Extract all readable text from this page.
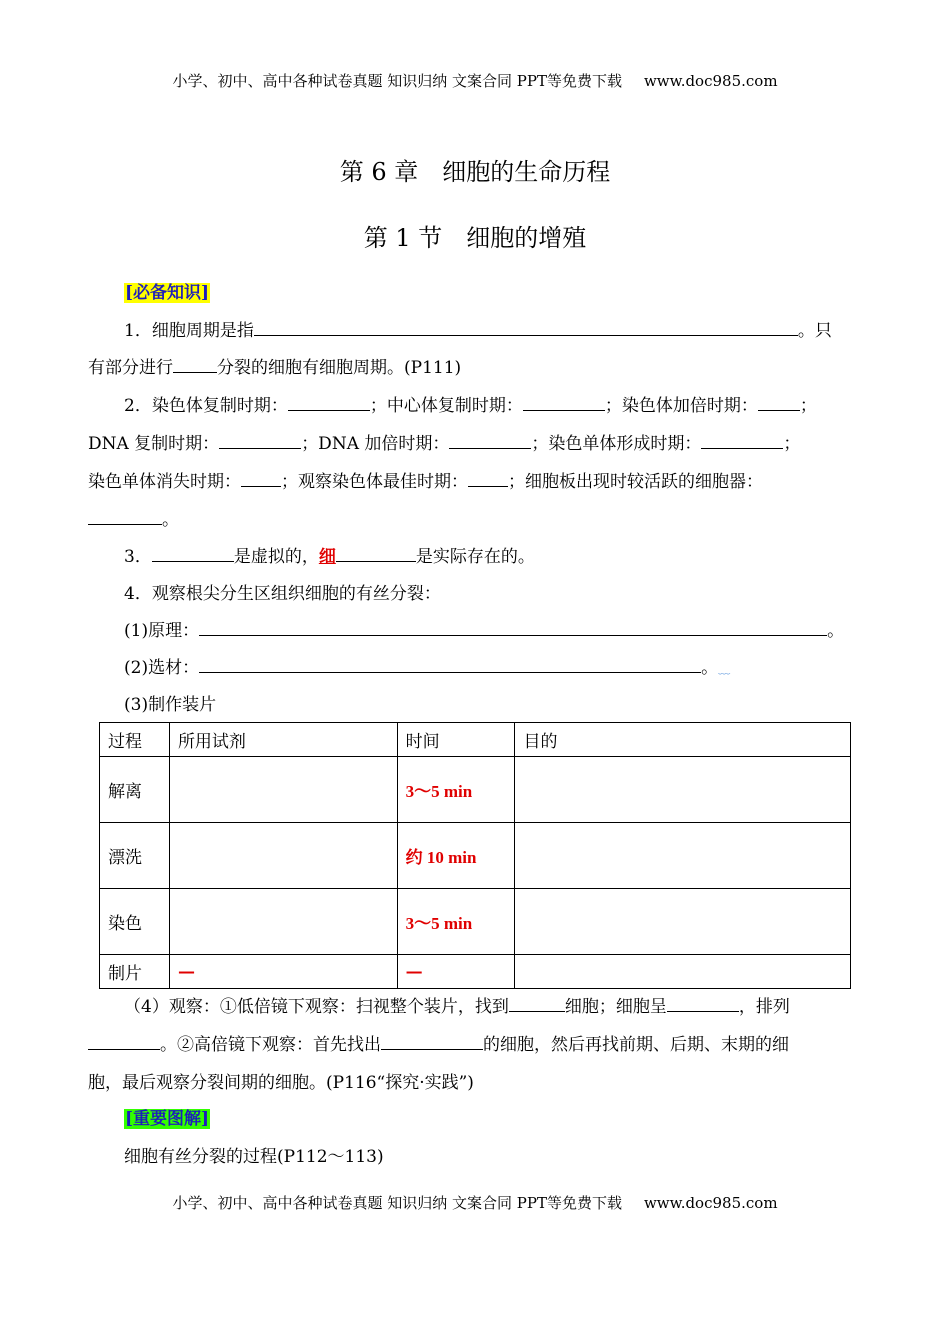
小学、初中、高中各种试卷真题 知识归纳 文案合同 PPT等免费下载 www.doc985.com
第 6 章　细胞的生命历程
第 1 节　细胞的增殖
[必备知识]
1．细胞周期是指	。只
有部分进行	分裂的细胞有细胞周期。(P111)
2．染色体复制时期：	；中心体复制时期：	；染色体加倍时期： ；
DNA 复制时期：	；DNA 加倍时期：	；染色单体形成时期：	；
染色单体消失时期： ；观察染色体最佳时期： ；细胞板出现时较活跃的细胞器：
。
3．	是虚拟的，细	是实际存在的。
4．观察根尖分生区组织细胞的有丝分裂：
(1)原理：	。
(2)选材：	。﹏
(3)制作装片
过程	所用试剂	时间	目的
解离		3～5 min	
漂洗		约 10 min	
染色		3～5 min	
制片	—	—	
（4）观察：①低倍镜下观察：扫视整个装片，找到	细胞；细胞呈	，排列
。②高倍镜下观察：首先找出	的细胞，然后再找前期、后期、末期的细
胞，最后观察分裂间期的细胞。(P116“探究·实践”)
[重要图解]
细胞有丝分裂的过程(P112～113)
小学、初中、高中各种试卷真题 知识归纳 文案合同 PPT等免费下载 www.doc985.com
